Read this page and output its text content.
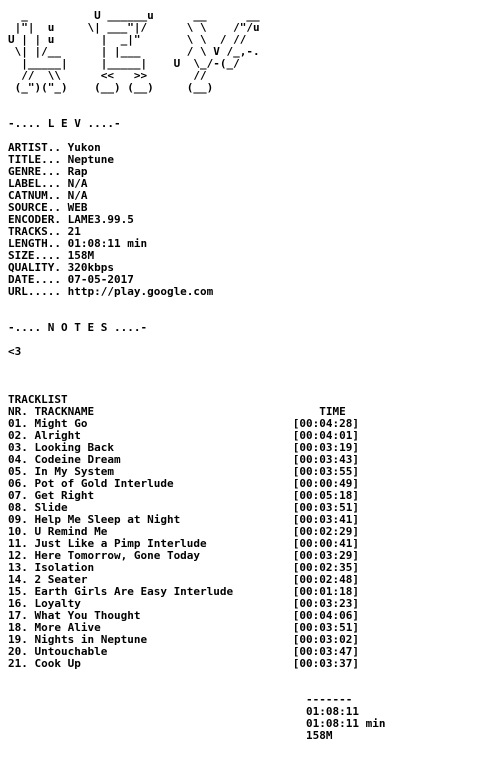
_          U ______u      __      __
|"|  u     \| ___"|/      \ \    /"/u
U | | u       |  _|"       \ \  / //
\| |/__      | |___       / \ V /_,-.
|_____|     |_____|    U  \_/-(_/
//  \\      <<   >>       //
(_")("_)    (__) (__)     (__)
-.... L E V ....-
ARTIST.. Yukon
TITLE... Neptune
GENRE... Rap
LABEL... N/A
CATNUM.. N/A
SOURCE.. WEB
ENCODER. LAME3.99.5
TRACKS.. 21
LENGTH.. 01:08:11 min
SIZE.... 158M
QUALITY. 320kbps
DATE.... 07-05-2017
URL..... http://play.google.com
-.... N O T E S ....-
<3
TRACKLIST
NR. TRACKNAME                                  TIME
01. Might Go                               [00:04:28]
02. Alright                                [00:04:01]
03. Looking Back                           [00:03:19]
04. Codeine Dream                          [00:03:43]
05. In My System                           [00:03:55]
06. Pot of Gold Interlude                  [00:00:49]
07. Get Right                              [00:05:18]
08. Slide                                  [00:03:51]
09. Help Me Sleep at Night                 [00:03:41]
10. U Remind Me                            [00:02:29]
11. Just Like a Pimp Interlude             [00:00:41]
12. Here Tomorrow, Gone Today              [00:03:29]
13. Isolation                              [00:02:35]
14. 2 Seater                               [00:02:48]
15. Earth Girls Are Easy Interlude         [00:01:18]
16. Loyalty                                [00:03:23]
17. What You Thought                       [00:04:06]
18. More Alive                             [00:03:51]
19. Nights in Neptune                      [00:03:02]
20. Untouchable                            [00:03:47]
21. Cook Up                                [00:03:37]
-------
01:08:11
01:08:11 min
158M
